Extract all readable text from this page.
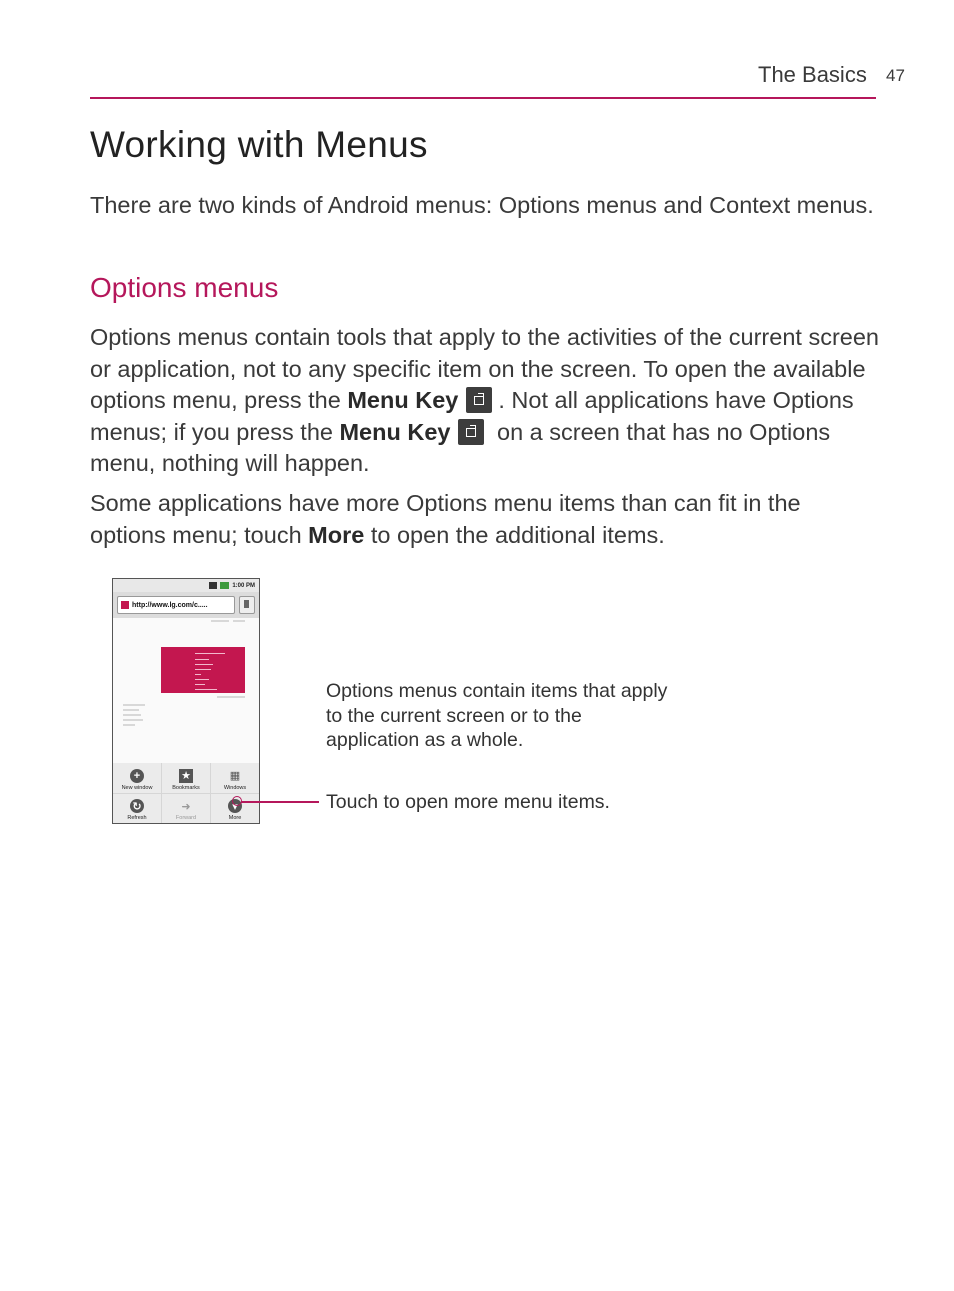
The Basics 47
Working with Menus

There are two kinds of Android menus: Options menus and Context menus.

Options menus

Options menus contain tools that apply to the activities of the current screen or application, not to any specific item on the screen. To open the available options menu, press the Menu Key . Not all applications have Options menus; if you press the Menu Key on a screen that has no Options menu, nothing will happen.

Some applications have more Options menu items than can fit in the options menu; touch More to open the additional items.

1:00 PM
http://www.lg.com/c.....
+
New window
★
Bookmarks
▦
Windows
↻
Refresh
➜
Forward
▾
More

Options menus contain items that apply to the current screen or to the application as a whole.

Touch to open more menu items.
